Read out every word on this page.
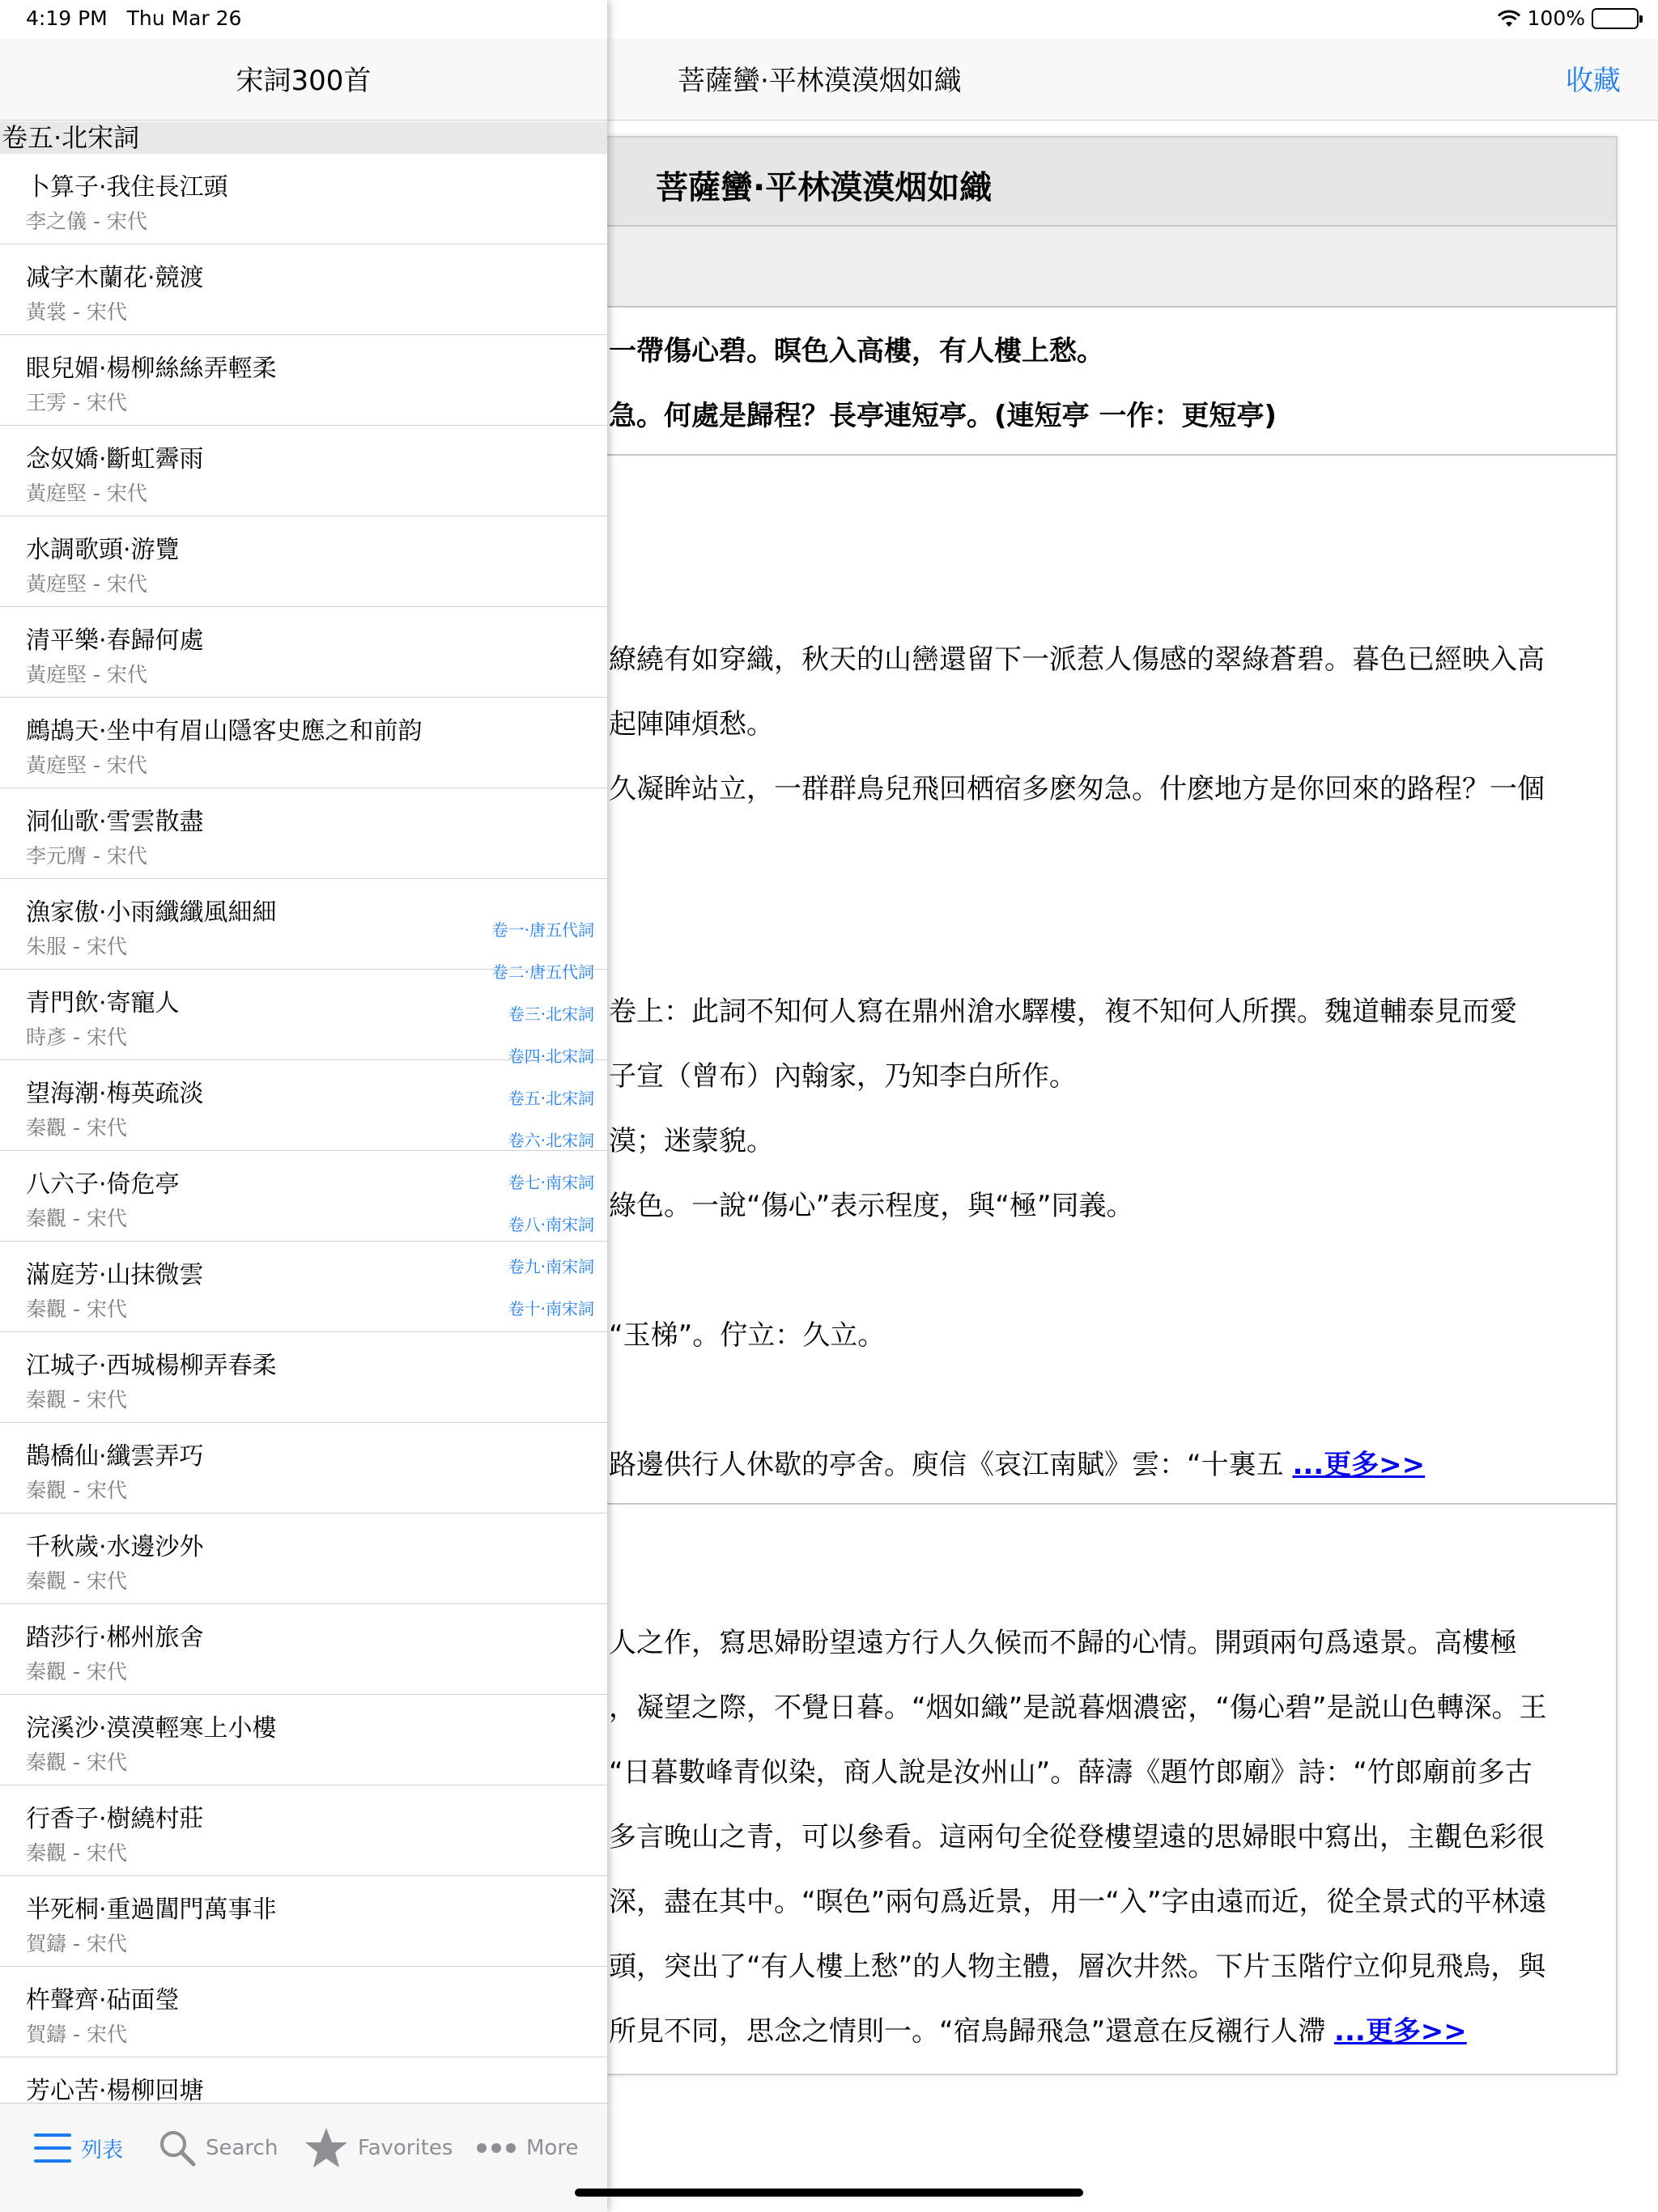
4:19 PM Thu Mar 26	100%
菩薩蠻·平林漠漠烟如織	收藏
菩薩蠻·平林漠漠烟如織
一帶傷心碧。暝色入高樓，有人樓上愁。
急。何處是歸程？長亭連短亭。(連短亭 一作：更短亭)
繚繞有如穿織，秋天的山巒還留下一派惹人傷感的翠綠蒼碧。暮色已經映入高
起陣陣煩愁。
久凝眸站立，一群群鳥兒飛回栖宿多麽匆急。什麽地方是你回來的路程？一個
卷上：此詞不知何人寫在鼎州滄水驛樓，複不知何人所撰。魏道輔泰見而愛
子宣（曾布）內翰家，乃知李白所作。
漠；迷蒙貌。
綠色。一說“傷心”表示程度，與“極”同義。
“玉梯”。佇立：久立。
路邊供行人休歇的亭舍。庾信《哀江南賦》雲：“十裏五 ...更多>>
人之作，寫思婦盼望遠方行人久候而不歸的心情。開頭兩句爲遠景。高樓極
，凝望之際，不覺日暮。“烟如織”是説暮烟濃密，“傷心碧”是説山色轉深。王
“日暮數峰青似染，商人說是汝州山”。薛濤《題竹郎廟》詩：“竹郎廟前多古
多言晚山之青，可以參看。這兩句全從登樓望遠的思婦眼中寫出，主觀色彩很
深，盡在其中。“暝色”兩句爲近景，用一“入”字由遠而近，從全景式的平林遠
頭，突出了“有人樓上愁”的人物主體，層次井然。下片玉階佇立仰見飛鳥，與
所見不同，思念之情則一。“宿鳥歸飛急”還意在反襯行人滯 ...更多>>
宋詞300首
卷五·北宋詞
卜算子·我住長江頭
李之儀 - 宋代
减字木蘭花·競渡
黃裳 - 宋代
眼兒媚·楊柳絲絲弄輕柔
王雱 - 宋代
念奴嬌·斷虹霽雨
黃庭堅 - 宋代
水調歌頭·游覽
黃庭堅 - 宋代
清平樂·春歸何處
黃庭堅 - 宋代
鷓鴣天·坐中有眉山隱客史應之和前韵
黃庭堅 - 宋代
洞仙歌·雪雲散盡
李元膺 - 宋代
漁家傲·小雨纖纖風細細
朱服 - 宋代
青門飲·寄寵人
時彥 - 宋代
望海潮·梅英疏淡
秦觀 - 宋代
八六子·倚危亭
秦觀 - 宋代
滿庭芳·山抹微雲
秦觀 - 宋代
江城子·西城楊柳弄春柔
秦觀 - 宋代
鵲橋仙·纖雲弄巧
秦觀 - 宋代
千秋歲·水邊沙外
秦觀 - 宋代
踏莎行·郴州旅舍
秦觀 - 宋代
浣溪沙·漠漠輕寒上小樓
秦觀 - 宋代
行香子·樹繞村莊
秦觀 - 宋代
半死桐·重過閶門萬事非
賀鑄 - 宋代
杵聲齊·砧面瑩
賀鑄 - 宋代
芳心苦·楊柳回塘
卷一·唐五代詞
卷二·唐五代詞
卷三·北宋詞
卷四·北宋詞
卷五·北宋詞
卷六·北宋詞
卷七·南宋詞
卷八·南宋詞
卷九·南宋詞
卷十·南宋詞
列表	Search	Favorites	More
